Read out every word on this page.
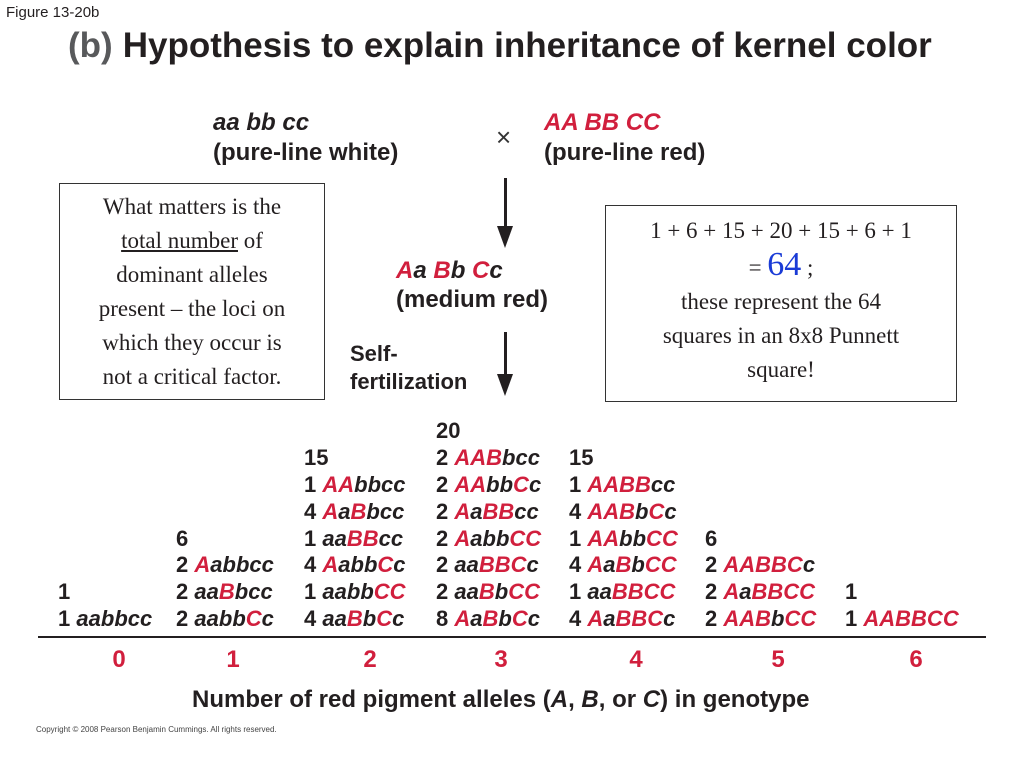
Figure 13-20b
(b) Hypothesis to explain inheritance of kernel color
aa bb cc
(pure-line white)
× AA BB CC
(pure-line red)
Aa Bb Cc
(medium red)
Self-
fertilization
What matters is the
total number of
dominant alleles
present – the loci on
which they occur is
not a critical factor.
1 + 6 + 15 + 20 + 15 + 6 + 1
= 64 ;
these represent the 64
squares in an 8x8 Punnett
square!
1
1 aabbcc
6
2 Aabbcc
2 aaBbcc
2 aabbCc
15
1 AAbbcc
4 AaBbcc
1 aaBBcc
4 AabbCc
1 aabbCC
4 aaBbCc
20
2 AABbcc
2 AAbbCc
2 AaBBcc
2 AabbCC
2 aaBBCc
2 aaBbCC
8 AaBbCc
15
1 AABBcc
4 AABbCc
1 AAbbCC
4 AaBbCC
1 aaBBCC
4 AaBBCc
6
2 AABBCc
2 AaBBCC
2 AABbCC
1
1 AABBCC
0	1	2	3	4	5	6
Number of red pigment alleles (A, B, or C) in genotype
Copyright © 2008 Pearson Benjamin Cummings. All rights reserved.
